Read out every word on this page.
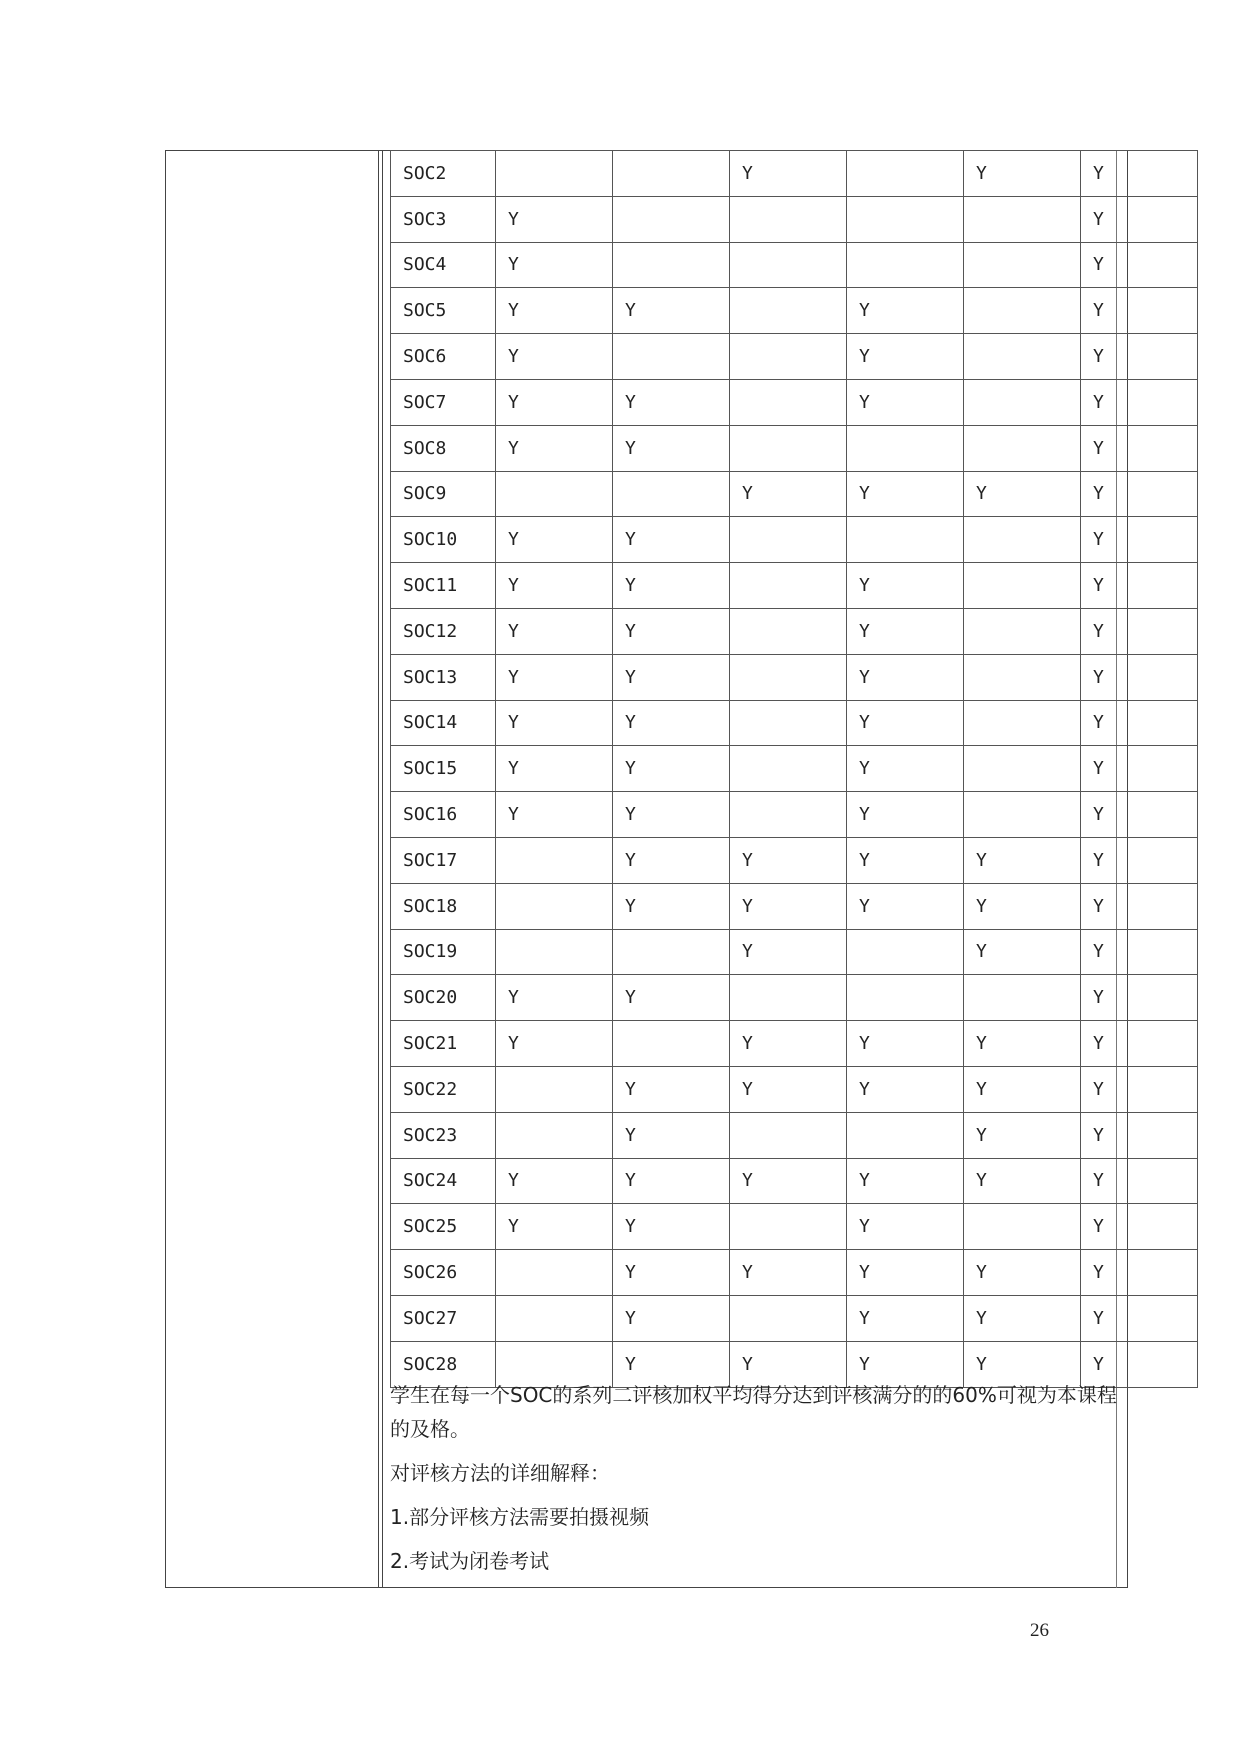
SOC2			Y		Y	Y
SOC3	Y					Y
SOC4	Y					Y
SOC5	Y	Y		Y		Y
SOC6	Y			Y		Y
SOC7	Y	Y		Y		Y
SOC8	Y	Y				Y
SOC9			Y	Y	Y	Y
SOC10	Y	Y				Y
SOC11	Y	Y		Y		Y
SOC12	Y	Y		Y		Y
SOC13	Y	Y		Y		Y
SOC14	Y	Y		Y		Y
SOC15	Y	Y		Y		Y
SOC16	Y	Y		Y		Y
SOC17		Y	Y	Y	Y	Y
SOC18		Y	Y	Y	Y	Y
SOC19			Y		Y	Y
SOC20	Y	Y				Y
SOC21	Y		Y	Y	Y	Y
SOC22		Y	Y	Y	Y	Y
SOC23		Y			Y	Y
SOC24	Y	Y	Y	Y	Y	Y
SOC25	Y	Y		Y		Y
SOC26		Y	Y	Y	Y	Y
SOC27		Y		Y	Y	Y
SOC28		Y	Y	Y	Y	Y

学生在每一个SOC的系列二评核加权平均得分达到评核满分的的60%可视为本课程的及格。

对评核方法的详细解释：

1.部分评核方法需要拍摄视频

2.考试为闭卷考试

26
